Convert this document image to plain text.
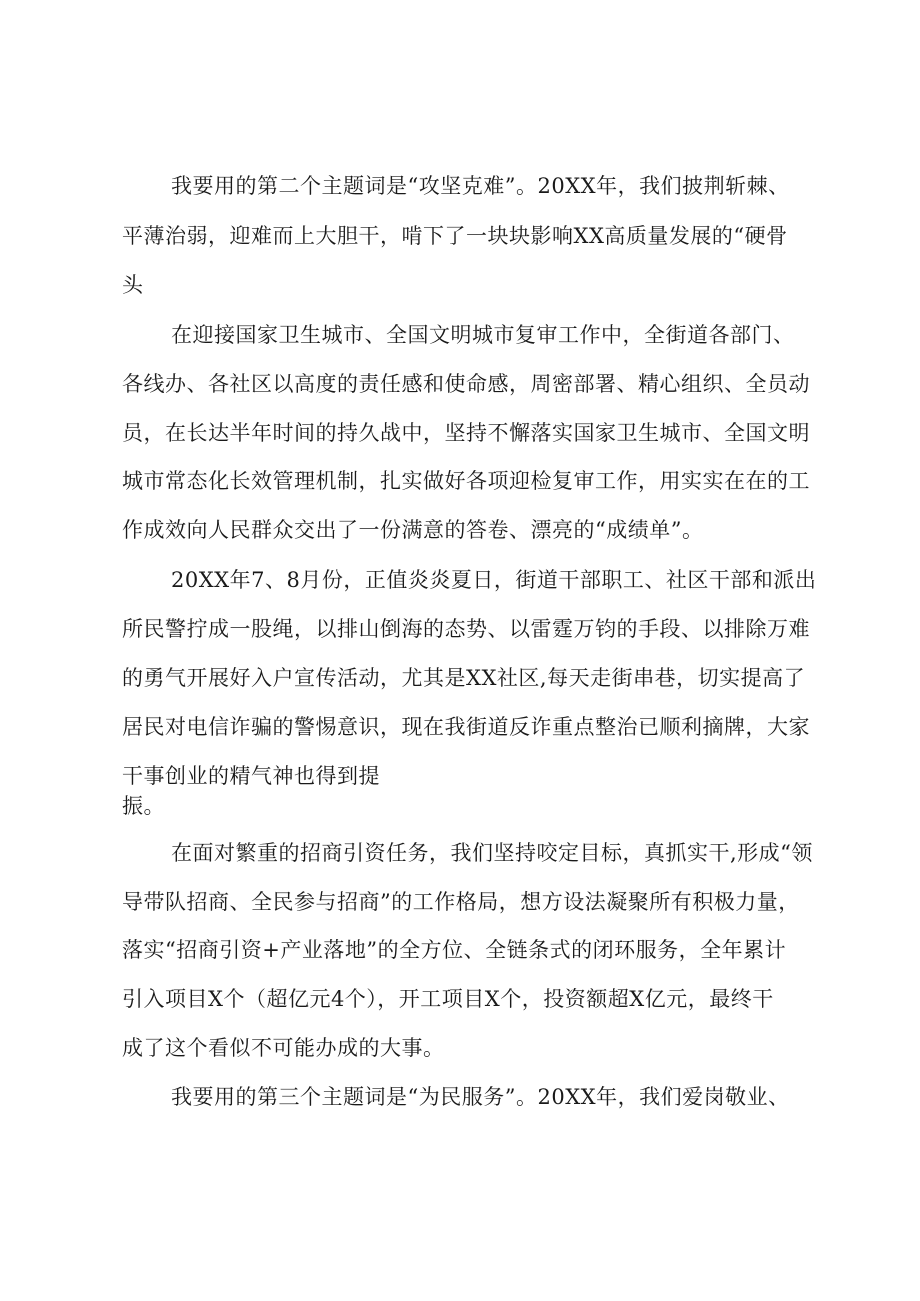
我要用的第二个主题词是“攻坚克难”。20XX年，我们披荆斩棘、
平薄治弱，迎难而上大胆干，啃下了一块块影响XX高质量发展的“硬骨
头
在迎接国家卫生城市、全国文明城市复审工作中，全街道各部门、
各线办、各社区以高度的责任感和使命感，周密部署、精心组织、全员动
员，在长达半年时间的持久战中，坚持不懈落实国家卫生城市、全国文明
城市常态化长效管理机制，扎实做好各项迎检复审工作，用实实在在的工
作成效向人民群众交出了一份满意的答卷、漂亮的“成绩单”。
20XX年7、8月份，正值炎炎夏日，街道干部职工、社区干部和派出
所民警拧成一股绳，以排山倒海的态势、以雷霆万钧的手段、以排除万难
的勇气开展好入户宣传活动，尤其是XX社区,每天走街串巷，切实提高了
居民对电信诈骗的警惕意识，现在我街道反诈重点整治已顺利摘牌，大家
干事创业的精气神也得到提
振。
在面对繁重的招商引资任务，我们坚持咬定目标，真抓实干,形成“领
导带队招商、全民参与招商”的工作格局，想方设法凝聚所有积极力量，
落实“招商引资+产业落地”的全方位、全链条式的闭环服务，全年累计
引入项目X个（超亿元4个），开工项目X个，投资额超X亿元，最终干
成了这个看似不可能办成的大事。
我要用的第三个主题词是“为民服务”。20XX年，我们爱岗敬业、
